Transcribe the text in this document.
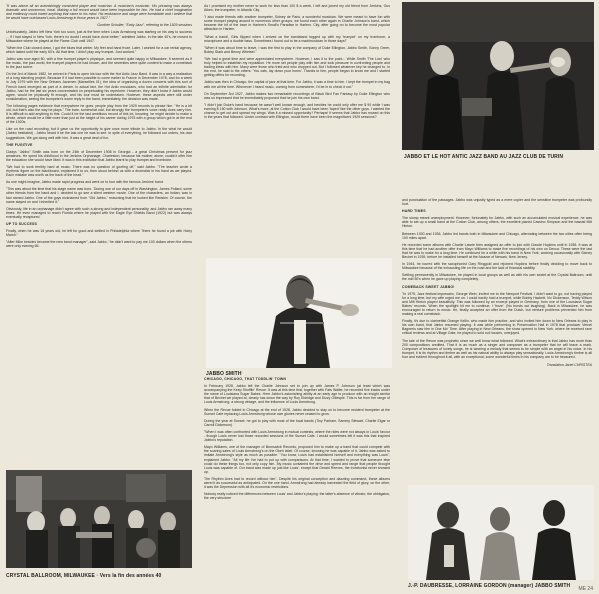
"It was above all an astonishingly consistent player and musician. A musician's musician. His phrasing was always dramatic and uncommon, tonal. Making a full record would have been impossible for him. He had a chief imagination and endlessly could invent anything that came to his mind. His endurance and range were formidable and I believe that he would have outclassed Louis Armstrong in those years in 1927."

Gunther Schuller, "Early Jazz", referring to the 1929 sessions

Unfortunately, Jabbo left New York too soon, just at the time when Louis Armstrong was starting on his way to success ... If I had stayed in New York, there's no doubt I would have done better," admitted Jabbo. In the late 40's, he moved to Milwaukee where he played at the Flame Club until 1947.

"When the Club closed down, I got the blues that winter. My feet and hand froze. Later, I worked for a car rental agency, which lasted until the early 60's. All that time, I didn't play any trumpet. Just worked."

Jabbo was now aged 60, with a fine trumpet player's physique, and seemed quite happy in Milwaukee. It seemed as if the music, the jazz world, the trumpet players he had known, and the seventies were quite content to make a comeback to the jazz scene.

On the 3rd of March 1982, he arrived in Paris to open his tour with the Hot Antic Jazz Band. It was in a way a realization of a long standing project. Because if it had been possible to come earlier to France in December 1978, and for a week in July 1979 with the New Orleans Jazzmen (Marseilles 01), the idea of organising a dozen concerts with this sort of French band emerged as part of a dream. In actual fact, the Hot Antic musicians, who had an infinite admiration for Jabbo, had for the last six years concentrated on perpetuating his repertoire. However, they didn't know if Jabbo would agree, would be physically fit enough, and his tour must be undertaken. However, these aspects were still under consideration, seeing the trumpeter's warm reply to the band, immediately, the decision was made.

The following pages evidence that everywhere he goes, people play from the 1929 records to please him. "He is a bit old, but that's also the way he plays." The bare, somewhat odd, but strongly the trumpeter's voice really does carry him. It is difficult to add anything to this. Could it be the last ambitious record of this lot, knowing, he might decide to make a whole, which would be a little more than just at the height of his career during 1975 with a group which got in at the end of the 1920s.

Like on the road recording, but it gave us the opportunity to give once more tribute to Jabbo. In the what he would (Jabbo hesitated) - Jabbo heard it be the last one he was to see. In spite of everything, he followed our orders, his own suggestions. We got along well with him. It was a great deal of fun.

THE FUGITIVE

Cladys "Jabbo" Smith was born on the 24th of December 1908 in Georgia - a great Christmas present for jazz amateurs. He spent his childhood in the Jenkins Orphanage, Charleston, because his mother, alone, couldn't offer him the education she would have liked. It was in this institution that Jabbo learnt to play trumpet and trombone.

"We had to work terribly hard at music. There was no question of goofing off," said Jabbo. "The teacher wrote a rhythmic figure on the blackboard, explained it to us, then stood behind us with a drumstick in his hand as we played. Each mistake was worth us the back of the head."

As one might imagine, Jabbo made rapid progress and went on to tour with the famous Jenkins' band.

"This was about the time that his stage name was born. 'During one of our days off in Washington, James Pollard, some other friends from the band and I, decided to go see a silent western movie. One of the characters, an Indian, was in fact named Jabbo. One of the guys nicknamed from "Old Jabbo," reasoning that he looked like Redskin. Of course, the name stayed on and I inherited it."

Obviously, life in an orphanage didn't agree with such a strong and independent personality, and Jabbo ran away many times. He even managed to reach Florida where he played with the Eagle Eye Shields Band (1922) but was always eventually recaptured.

UP TO SUCCESS

Finally, when he was 16 years old, he left for good and settled in Philadelphia where "there he found a job with Harry Marsh."

"After Mike besides became the new band manager", said Jabbo, "he didn't want to pay me 100 dollars when the others were only earning 65.

CRYSTAL BALLROOM, MILWAUKEE · Vers la fin des années 40

As I promised my mother never to work for less than 100 $ a week, I left and joined my old friend from Jenkins, Gus Aiken, the trumpeter, in Atlantic City.

"I also made friends with another trumpeter, Sidney de Paris, a wonderful musician. We were meant to have fun with some trumpet playing around in numerous other groups, we found each other again in Charlie Johnson's band, which became the hit of the town in Harlem's Small's Paradise in Harlem. City, after going on to become the most popular attraction in Harlem.

"What a band!, Girls flipped when I arrived on the bandstand togged up with my 'trumpet' on my trombone, a microphone and a double bass. Sometimes I found out to be a mad/musician in those days!"

"When it was about time to leave, I was the first to play in the company of Duke Ellington, Jabbo Smith, Sonny Greer, Bobby Stark and Benny Whetsel."

"We had a great time and were appreciated everywhere. However, I saw it to the point... While Smith 'The Lion' who truly helped to establish my reputation. He more set people play with him and took pleasure in confronting people and trading ideas with him. Many were those who tried and who dropped out. But I followed whatever key he changed to. In the end, he said to the others: 'You cats, lay down your horns'. Thanks to him, people began to know me and I started getting offers for recording.

Jabbo was then in Chicago, the capital of jazz at that time. For Jabbo, it was a time to him. I kept the trumpet in my bag with me all the time. Whenever I heard music, coming from somewhere, I'd be in to check it out."

On September 3rd 1927, Jabbo makes two remarkable recordings of Black Bird Fan Fantasy by Duke Ellington who was so impressed that he immediately proposed that he join his own band.

"I didn't join Duke's band because he wasn't well known enough, and besides he could only offer me $ 90 while I was earning $ 150 with Johnson. What's more, at the Cotton Club I would have been 'taped' like the other guys. I wanted the chance to get out and spread my wings. Was it a missed opportunity? Perhaps! It seems that Jabbo has mused on this in the years that followed. Under contract with Ellington, would there have been the magnificent 1929 sessions?

JABBO SMITH

CHICAGO, CHICAGO, THAT TODDLIN' TOWN

In February 1928, Jabbo left the Charlie Johnson set to join up with James P. Johnson (at least which was accompanying the Keep Shufflin' Revue. It was at this time that, together with Fats Waller, he recorded five tracks under the name of Louisiana Sugar Babes. Here Jabbo's astonishing ability at an early age to produce with an insight similar that of Bechet we played at, clearly has down the way by Roy Eldridge and Dizzy Gillespie. This is far from the range of Louis Armstrong, a strong vintage, and the influence of Louis Armstrong.

When the Revue folded in Chicago at the end of 1928, Jabbo decided to stay on to become resident trumpeter at the Sunset Cafe replacing Louis Armstrong whose own glories never ceased to grow.

During the year at Sunset, he got to play with most of the local bands (Tiny Parham, Sammy Stewart, Charlie Elgar or Carroll Dickerson).

"When I was often confronted with Louis Armstrong in mutual contests, where the rides were not always in Louis' favour - though Louis never lost those recorded sessions of the Sunset Cafe. I would sometimes tell it was this that inspired Jabbo's reputation.

Mayo Williams, one of the manager of Brunswick Records, proposed him to make up a band that could compete with the soaring sales of Louis Armstrong's on the Okeh label. Of course, knowing he was capable of it, Jabbo was asked to imitate Armstrong's style as much as possible. "You know, Louis had established himself and everything was Louis", explained Jabbo. "All my life I've had to put up with comparisons. At that time, I wanted to prove that someone else could do these things too, not only copy him. My music contained the drive and speed and range that people thought Louis was capable of. Our band was made up just like Louis', except that Gerald Reeves, the trombonist never showed up.

The Rhythm Aces had to record without him". Despite his original conception and dazzling command, these albums weren't as successful as anticipated. On the one hand, Armstrong had already harvested the field of glory, on the other, it was the Depression with all it's economic restrictions.

Nobody really noticed the differences between Louis' and Jabbo's playing: the latter's absence of vibrato, the obbligatos, the very structure

JABBO ET LE HOT ANTIC JAZZ BAND AU JAZZ CLUB DE TURIN

and punctuation of the passages. Jabbo was unjustly typed as a mere copier and the sensitive trumpeter was profoundly hurt.

HARD TIMES

The slump meant unemployment. However, fortunately for Jabbo, with such an accumulated musical experience, he was able to set up a small band at the Cotton Club, among others, the excellent pianist Cassino Simpson and the bassist Milt Hinton.

Between 1930 and 1936, Jabbo led bands both in Milwaukee and Chicago, alternating between the two cities often being 100 miles apart.

He recorded some albums with Charlie Lawrie then assigned an offer to join with Claude Hopkins until in 1938. It was at this time that he had another offer from Mayo Williams to make five recordings of his own on Decca. These were the last that he was to make for a long time. He continued for a while with his band in New York, working occasionally with Sidney Bechet in 1939, before he installed himself at the Alcazar of Newark, New Jersey.

In 1944, he toured with the saxophonist Gary Ringgold and rejoined Hopkins before finally deciding to move back to Milwaukee because of the exhausting life on the road and the lack of financial stability.

Settling permanently in Milwaukee, he played in local groups as well as with his own sextet at the Crystal Ballroom, until the mid 50's when he gave up playing completely.

COMEBACK SWEET JABBO!

"In 1975, Jazz festival impresario, George Wein, invited me to the Newport Festival. I didn't want to go, not having played for a long time, but my wife urged me on. I could hardly hold a trumpet, while Bobby Hackett, Vic Dickenson, Teddy Wilson and Milt Hinton played beautifully. This was followed by an excerpt played in Germany, from one of the Louisiana Sugar Babes' records. When the spotlight hit me to continue, I 'froze'. (No bursts out laughing). Back in Milwaukee, he was encouraged to return to music. He, finally accepted an offer from the Dutch, but venture problems prevented him from making a real comeback.

Finally, it's due to clarinettist Orange Kellin, who made him practice, and who invited him down to New Orleans to play in his own band, that Jabbo resumed playing. It was while performing in Preservation Hall in 1978 that producer Vernel Bagneris saw him in One Mo' Time. After playing in New Orleans, the show opened in New York, where he received rave critical reviews and at Village Gate, he played to sold out houses, overjoyed.

The tale of the Revue was prophetic since we well know what followed. What's extraordinary is that Jabbo has more than 200 compositions credited. That it is as much as a singer and composer as a trumpeter that he will leave a mark. Composer of treasures of lovely songs, he is wearing a melody that seems to be simple with an angel in his voice. In his trumpet, it is its rhythm and timbre as well as his natural ability to always play sensationally. Louis Armstrong's timbre is all four and evident throughout it all, with an exceptional, some wonderful times in his company are to be treasured.

Translation Janet CHRISTEA

J.-P. DAUBRESSE, LORRAINE GORDON (manager) JABBO SMITH ME 24
